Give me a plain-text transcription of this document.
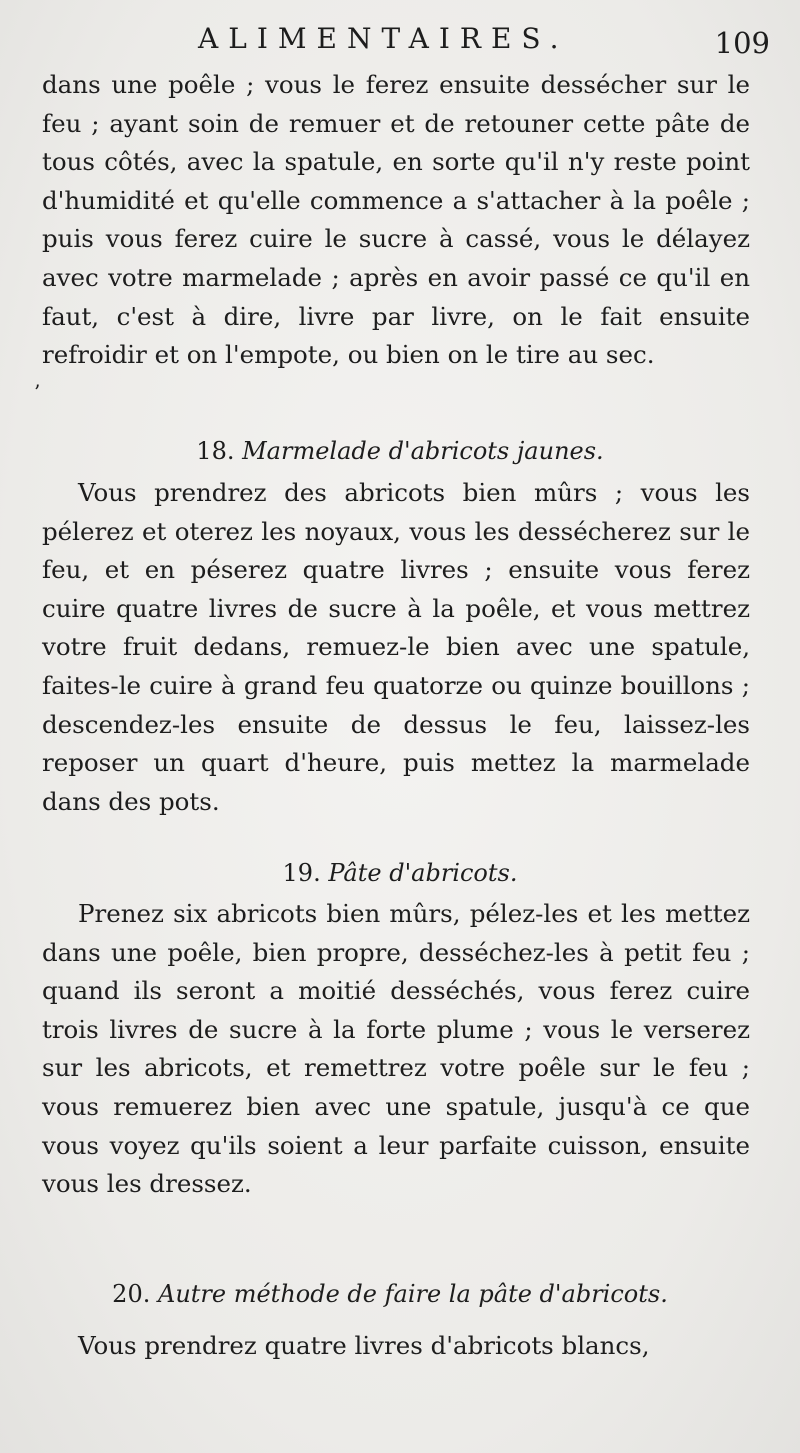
ALIMENTAIRES.	109

dans une poêle ; vous le ferez ensuite dessécher sur le feu ; ayant soin de remuer et de retouner cette pâte de tous côtés, avec la spatule, en sorte qu'il n'y reste point d'humidité et qu'elle commence a s'attacher à la poêle ; puis vous ferez cuire le sucre à cassé, vous le délayez avec votre marmelade ; après en avoir passé ce qu'il en faut, c'est à dire, livre par livre, on le fait ensuite refroidir et on l'empote, ou bien on le tire au sec.

’
18. Marmelade d'abricots jaunes.

Vous prendrez des abricots bien mûrs ; vous les pélerez et oterez les noyaux, vous les dessécherez sur le feu, et en péserez quatre livres ; ensuite vous ferez cuire quatre livres de sucre à la poêle, et vous mettrez votre fruit dedans, remuez-le bien avec une spatule, faites-le cuire à grand feu quatorze ou quinze bouillons ; descendez-les ensuite de dessus le feu, laissez-les reposer un quart d'heure, puis mettez la marmelade dans des pots.

19. Pâte d'abricots.

Prenez six abricots bien mûrs, pélez-les et les mettez dans une poêle, bien propre, desséchez-les à petit feu ; quand ils seront a moitié desséchés, vous ferez cuire trois livres de sucre à la forte plume ; vous le verserez sur les abricots, et remettrez votre poêle sur le feu ; vous remuerez bien avec une spatule, jusqu'à ce que vous voyez qu'ils soient a leur parfaite cuisson, ensuite vous les dressez.

20. Autre méthode de faire la pâte d'abricots.

Vous prendrez quatre livres d'abricots blancs,
